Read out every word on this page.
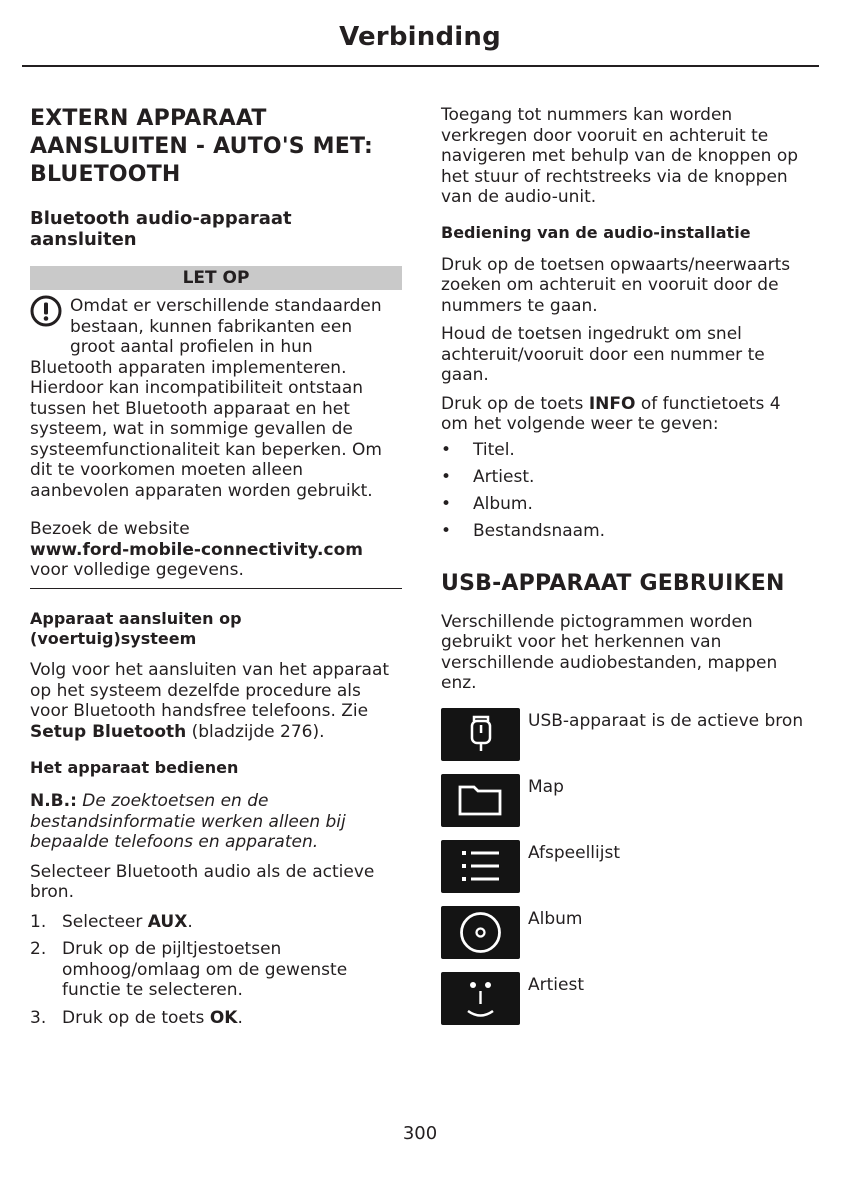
Verbinding
EXTERN APPARAAT
AANSLUITEN - AUTO'S MET:
BLUETOOTH
Bluetooth audio-apparaat
aansluiten
LET OP
Omdat er verschillende standaarden
bestaan, kunnen fabrikanten een
groot aantal profielen in hun
Bluetooth apparaten implementeren.
Hierdoor kan incompatibiliteit ontstaan
tussen het Bluetooth apparaat en het
systeem, wat in sommige gevallen de
systeemfunctionaliteit kan beperken. Om
dit te voorkomen moeten alleen
aanbevolen apparaten worden gebruikt.
Bezoek de website
www.ford-mobile-connectivity.com
voor volledige gegevens.
Apparaat aansluiten op
(voertuig)systeem
Volg voor het aansluiten van het apparaat
op het systeem dezelfde procedure als
voor Bluetooth handsfree telefoons. Zie
Setup Bluetooth (bladzijde 276).
Het apparaat bedienen
N.B.: De zoektoetsen en de
bestandsinformatie werken alleen bij
bepaalde telefoons en apparaten.
Selecteer Bluetooth audio als de actieve
bron.
1. Selecteer AUX.
2. Druk op de pijltjestoetsen
omhoog/omlaag om de gewenste
functie te selecteren.
3. Druk op de toets OK.
Toegang tot nummers kan worden
verkregen door vooruit en achteruit te
navigeren met behulp van de knoppen op
het stuur of rechtstreeks via de knoppen
van de audio-unit.
Bediening van de audio-installatie
Druk op de toetsen opwaarts/neerwaarts
zoeken om achteruit en vooruit door de
nummers te gaan.
Houd de toetsen ingedrukt om snel
achteruit/vooruit door een nummer te
gaan.
Druk op de toets INFO of functietoets 4
om het volgende weer te geven:
•	Titel.
•	Artiest.
•	Album.
•	Bestandsnaam.
USB-APPARAAT GEBRUIKEN
Verschillende pictogrammen worden
gebruikt voor het herkennen van
verschillende audiobestanden, mappen
enz.
USB-apparaat is de actieve bron
Map
Afspeellijst
Album
Artiest
300
